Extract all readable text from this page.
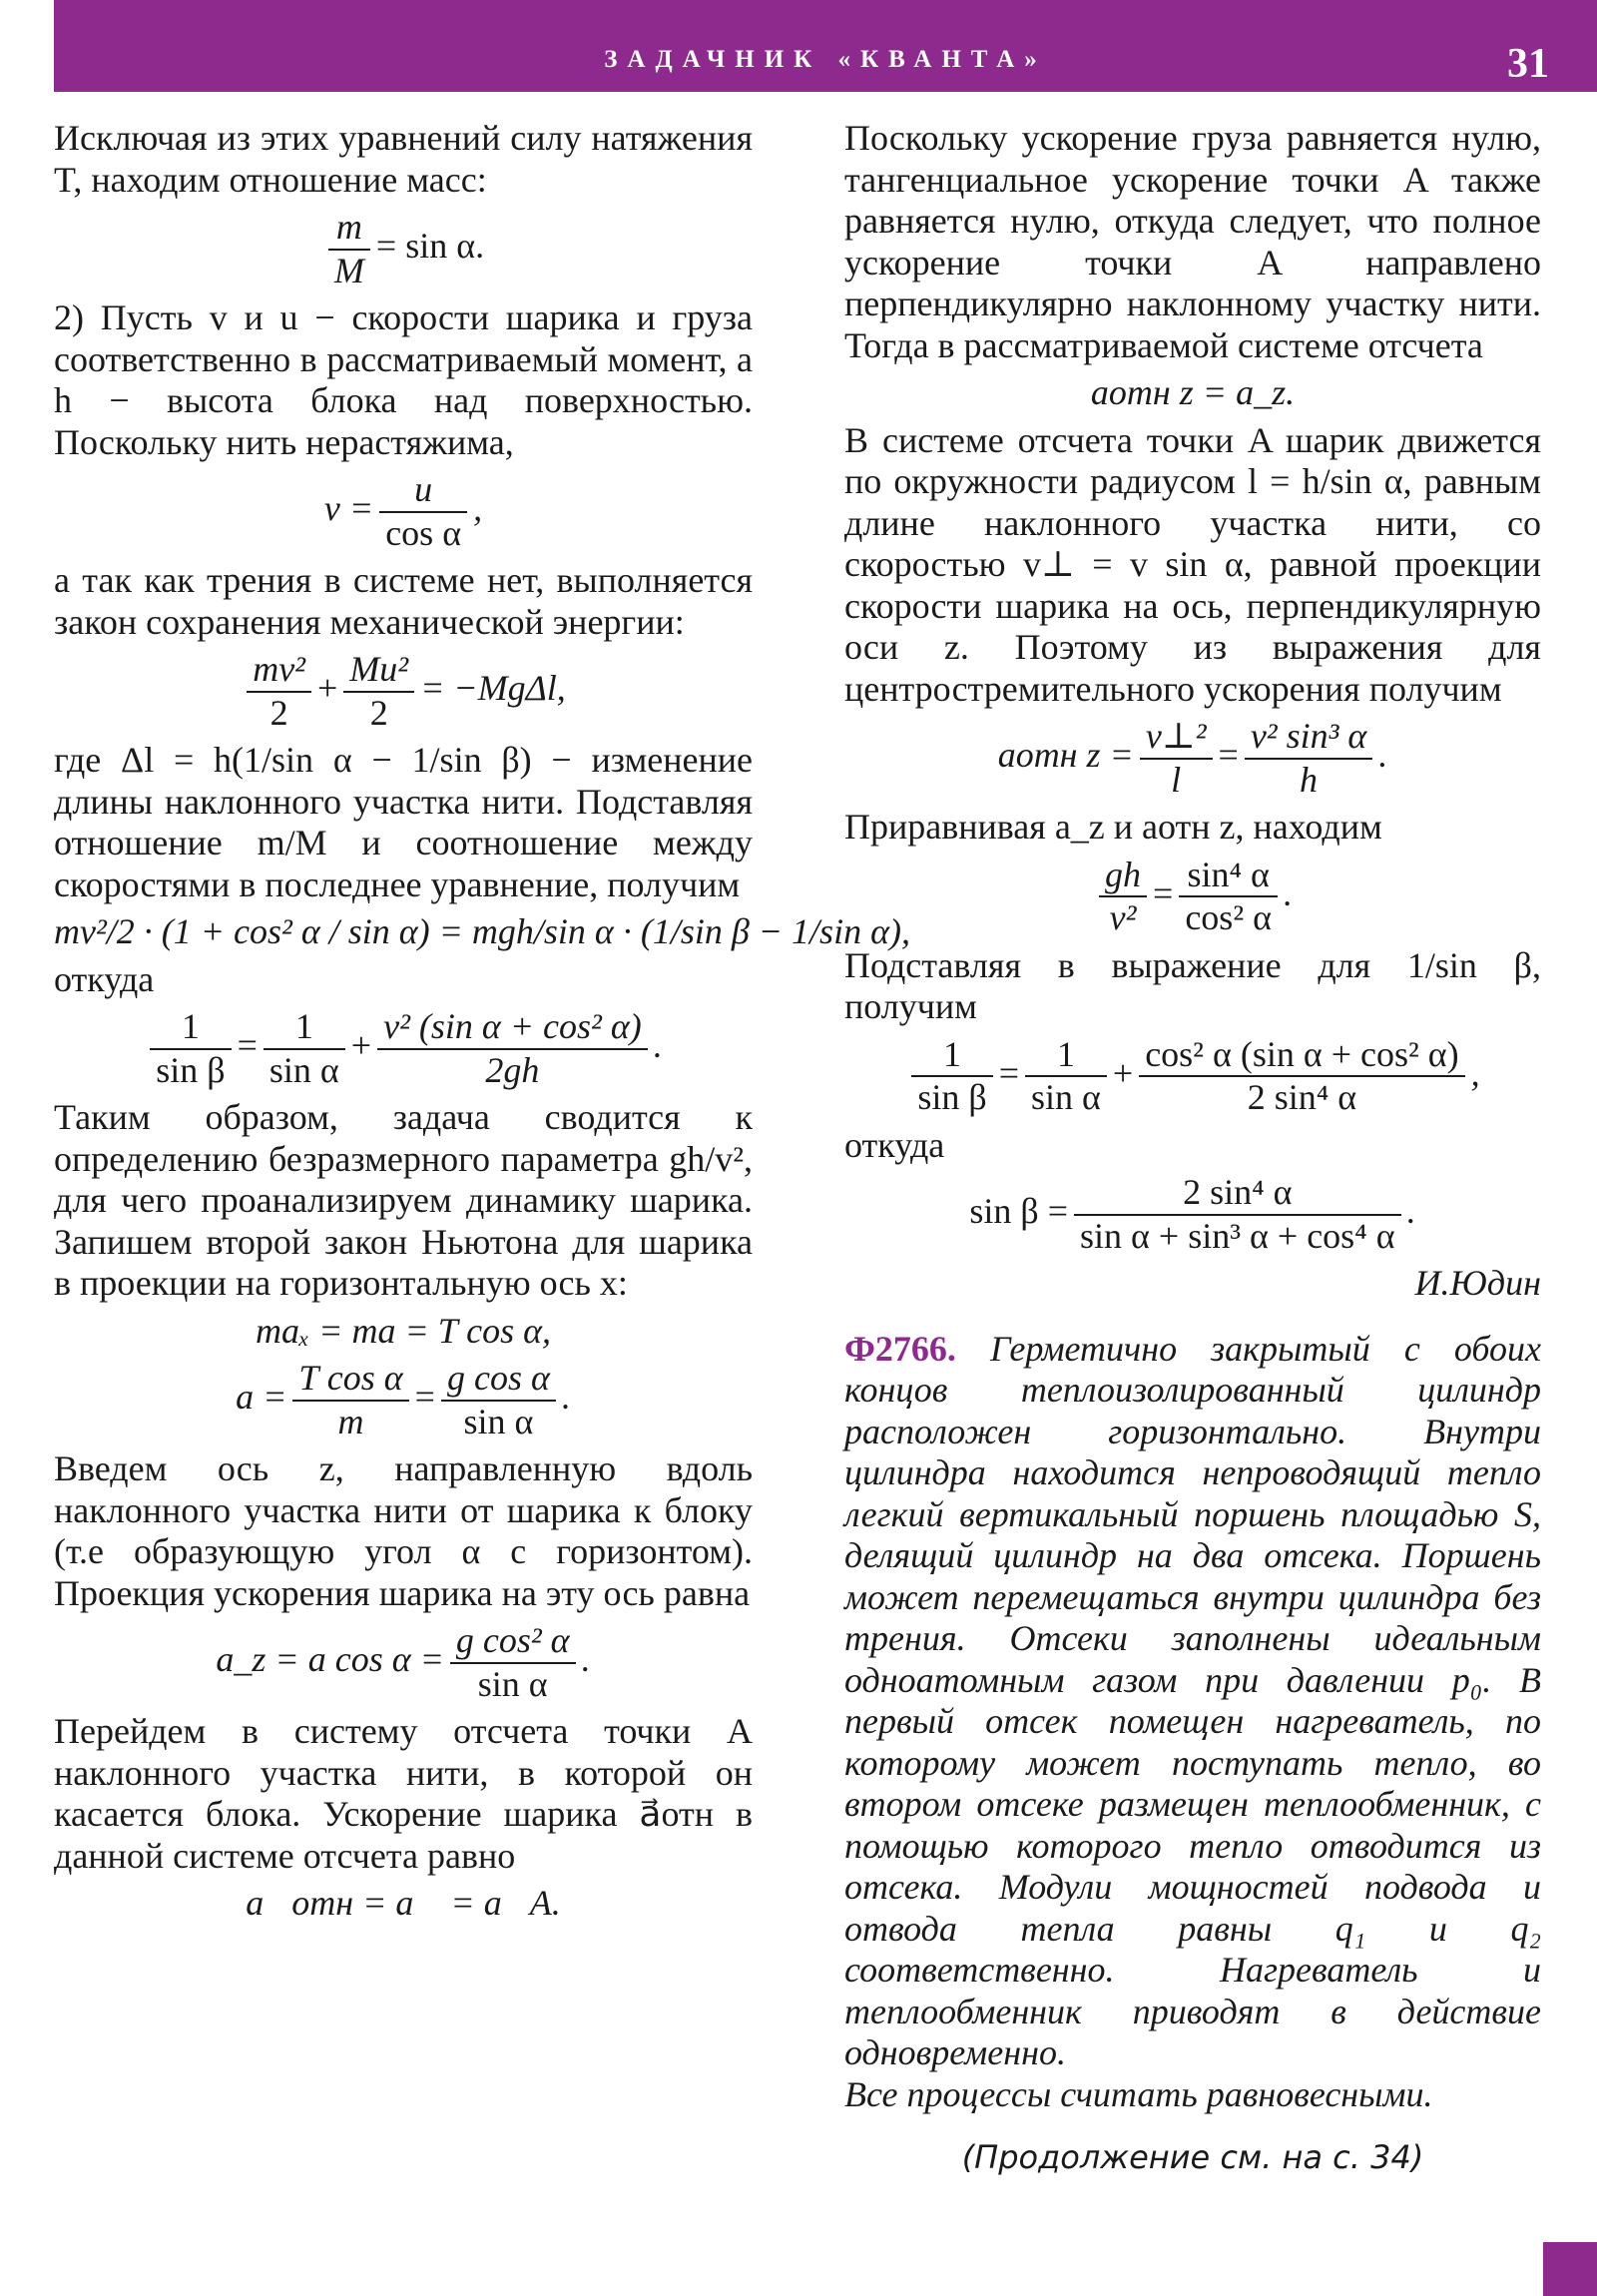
ЗАДАЧНИК «КВАНТА»	31

Исключая из этих уравнений силу натяжения T, находим отношение масс:

$\frac{m}{M} = \sin \alpha$.

2) Пусть v и u − скорости шарика и груза соответственно в рассматриваемый момент, а h − высота блока над поверхностью. Поскольку нить нерастяжима,

$v = \frac{u}{\text{cos α}}$ ,

а так как трения в системе нет, выполняется закон сохранения механической энергии:

$\frac{\text{mv²}}{2} + \frac{\text{Mu²}}{2} = -Mg\Delta l$,

где Δl = h(1/sin α − 1/sin β) − изменение длины наклонного участка нити. Подставляя отношение m/M и соотношение между скоростями в последнее уравнение, получим

mv²/2 · (1 + cos² α / sin α) = mgh/sin α · (1/sin β − 1/sin α),

откуда

$\frac{1}{\text{sin β}} = \frac{1}{\text{sin α}} + \frac{\text{v² (sin α + cos² α)}}{2gh}$ .

Таким образом, задача сводится к определению безразмерного параметра gh/v², для чего проанализируем динамику шарика. Запишем второй закон Ньютона для шарика в проекции на горизонтальную ось x:

maₓ = ma = T cos α,
$a = \frac{\text{T cos α}}{m} = \frac{\text{g cos α}}{\text{sin α}}$ .

Введем ось z, направленную вдоль наклонного участка нити от шарика к блоку (т.е образующую угол α с горизонтом). Проекция ускорения шарика на эту ось равна

a_z = a $\cos \alpha = \frac{\text{g cos² α}}{\text{sin α}}$ .

Перейдем в систему отсчета точки A наклонного участка нити, в которой он касается блока. Ускорение шарика a⃗отн в данной системе отсчета равно

a⃗отн = a⃗ = a⃗A.

Поскольку ускорение груза равняется нулю, тангенциальное ускорение точки A также равняется нулю, откуда следует, что полное ускорение точки A направлено перпендикулярно наклонному участку нити. Тогда в рассматриваемой системе отсчета

aотн z = a_z.

В системе отсчета точки A шарик движется по окружности радиусом l = h/sin α, равным длине наклонного участка нити, со скоростью v⊥ = v sin α, равной проекции скорости шарика на ось, перпендикулярную оси z. Поэтому из выражения для центростремительного ускорения получим

aотн $z = \frac{\text{v⊥²}}{l} = \frac{\text{v² sin³ α}}{h}$ .

Приравнивая a_z и aотн z, находим

$\frac{gh}{\text{v²}} = \frac{\text{sin⁴ α}}{\text{cos² α}}$ .

Подставляя в выражение для 1/sin β, получим

$\frac{1}{\text{sin β}} = \frac{1}{\text{sin α}} + \frac{\text{cos² α (sin α + cos² α)}}{\text{2 sin⁴ α}}$ ,

откуда

$\sin \beta = \frac{\text{2 sin⁴ α}}{\text{sin α + sin³ α + cos⁴ α}}$ .
И.Юдин

Ф2766. Герметично закрытый с обоих концов теплоизолированный цилиндр расположен горизонтально. Внутри цилиндра находится непроводящий тепло легкий вертикальный поршень площадью S, делящий цилиндр на два отсека. Поршень может перемещаться внутри цилиндра без трения. Отсеки заполнены идеальным одноатомным газом при давлении p₀. В первый отсек помещен нагреватель, по которому может поступать тепло, во втором отсеке размещен теплообменник, с помощью которого тепло отводится из отсека. Модули мощностей подвода и отвода тепла равны q₁ и q₂ соответственно. Нагреватель и теплообменник приводят в действие одновременно.

Все процессы считать равновесными.

(Продолжение см. на с. 34)
